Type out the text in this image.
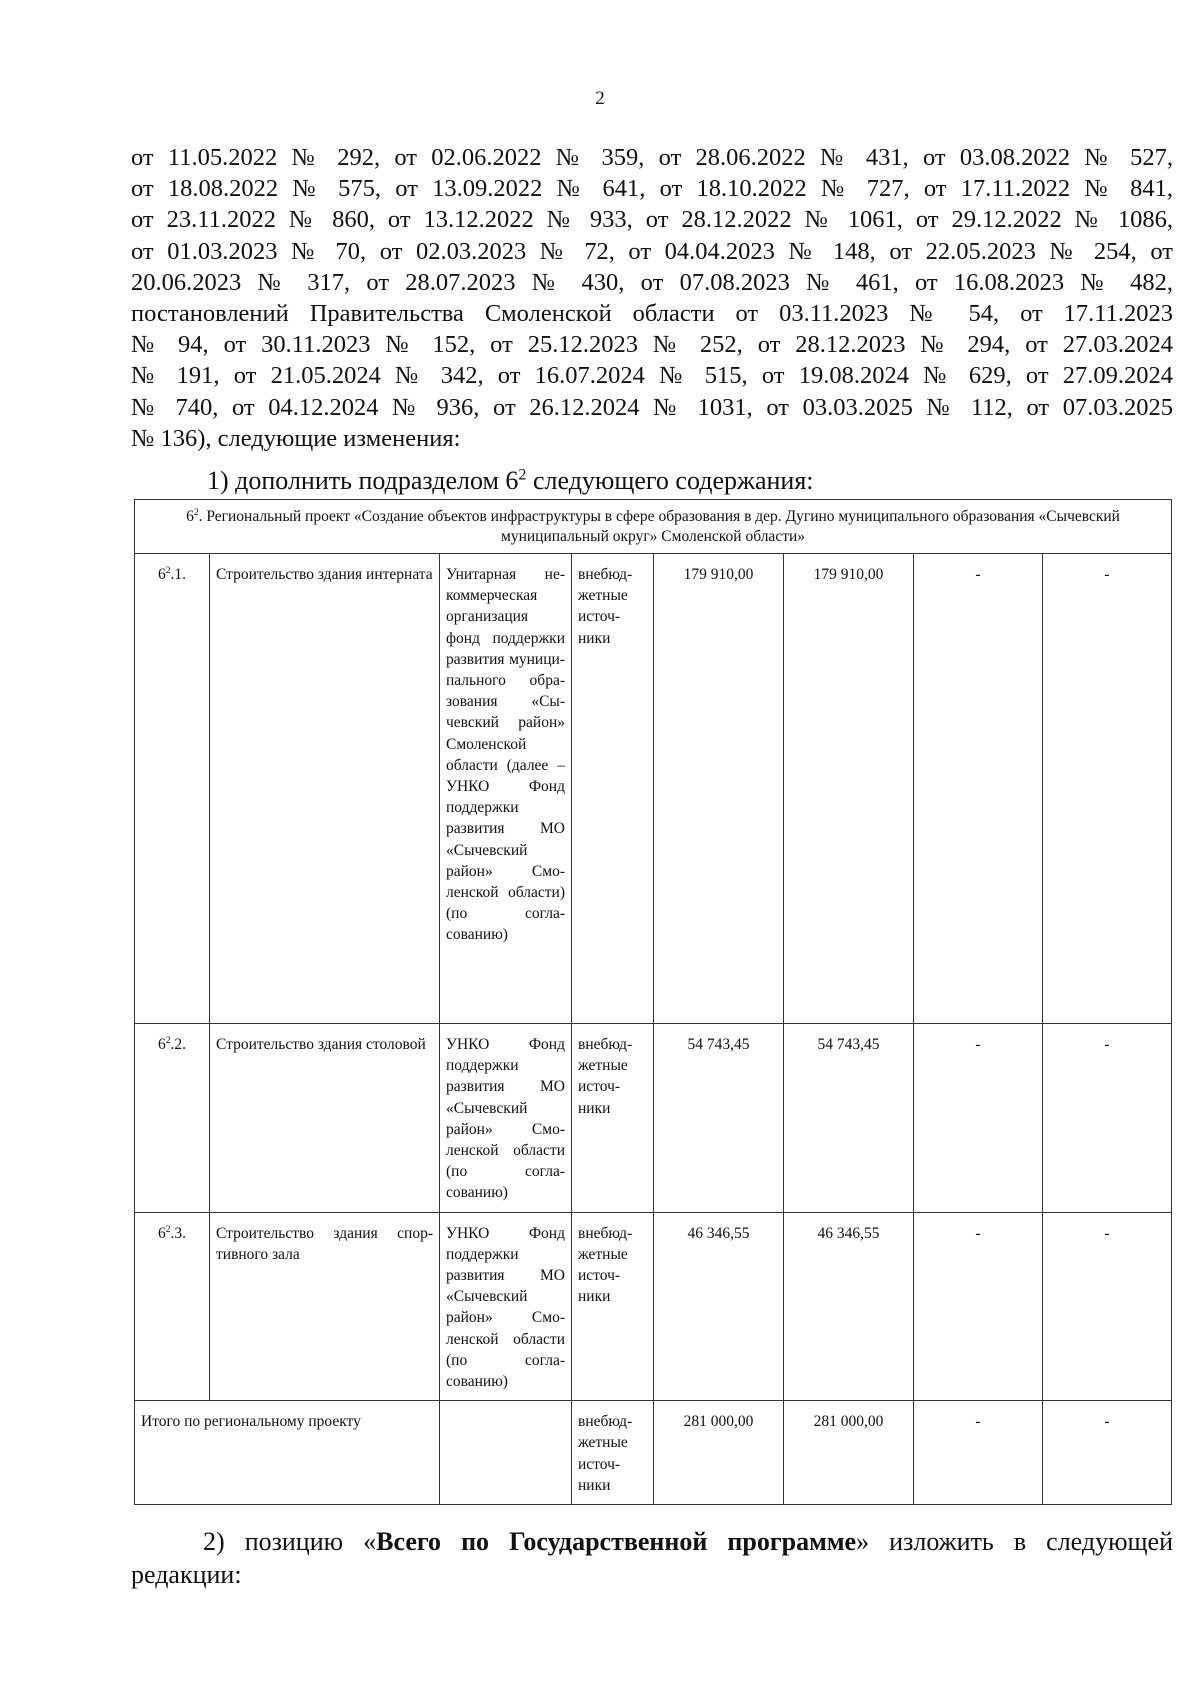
2
от 11.05.2022 № 292, от 02.06.2022 № 359, от 28.06.2022 № 431, от 03.08.2022 № 527,
от 18.08.2022 № 575, от 13.09.2022 № 641, от 18.10.2022 № 727, от 17.11.2022 № 841,
от 23.11.2022 № 860, от 13.12.2022 № 933, от 28.12.2022 № 1061, от 29.12.2022 № 1086,
от 01.03.2023 № 70, от 02.03.2023 № 72, от 04.04.2023 № 148, от 22.05.2023 № 254, от
20.06.2023 № 317, от 28.07.2023 № 430, от 07.08.2023 № 461, от 16.08.2023 № 482,
постановлений Правительства Смоленской области от 03.11.2023 № 54, от 17.11.2023
№ 94, от 30.11.2023 № 152, от 25.12.2023 № 252, от 28.12.2023 № 294, от 27.03.2024
№ 191, от 21.05.2024 № 342, от 16.07.2024 № 515, от 19.08.2024 № 629, от 27.09.2024
№ 740, от 04.12.2024 № 936, от 26.12.2024 № 1031, от 03.03.2025 № 112, от 07.03.2025
№ 136), следующие изменения:
1) дополнить подразделом $6^2$ следующего содержания:
$6^2$. Региональный проект «Создание объектов инфраструктуры в сфере образования в дер. Дугино муниципального образования «Сычевский муниципальный округ» Смоленской области»							
$6^2.1$.	Строительство здания интерната	Унитарная некоммерческая организация фонд поддержки развития муниципального образования «Сычевский район» Смоленской области (далее – УНКО Фонд поддержки развития МО «Сычевский район» Смоленской области) (по согласованию)	внебюджетные источники	179 910,00	179 910,00	-	-
$6^2.2$.	Строительство здания столовой	УНКО Фонд поддержки развития МО «Сычевский район» Смоленской области (по согласованию)	внебюджетные источники	54 743,45	54 743,45	-	-
$6^2.3$.	Строительство здания спортивного зала	УНКО Фонд поддержки развития МО «Сычевский район» Смоленской области (по согласованию)	внебюджетные источники	46 346,55	46 346,55	-	-
Итого по региональному проекту			внебюджетные источники	281 000,00	281 000,00	-	-
2) позицию «Всего по Государственной программе» изложить в следующей
редакции:
